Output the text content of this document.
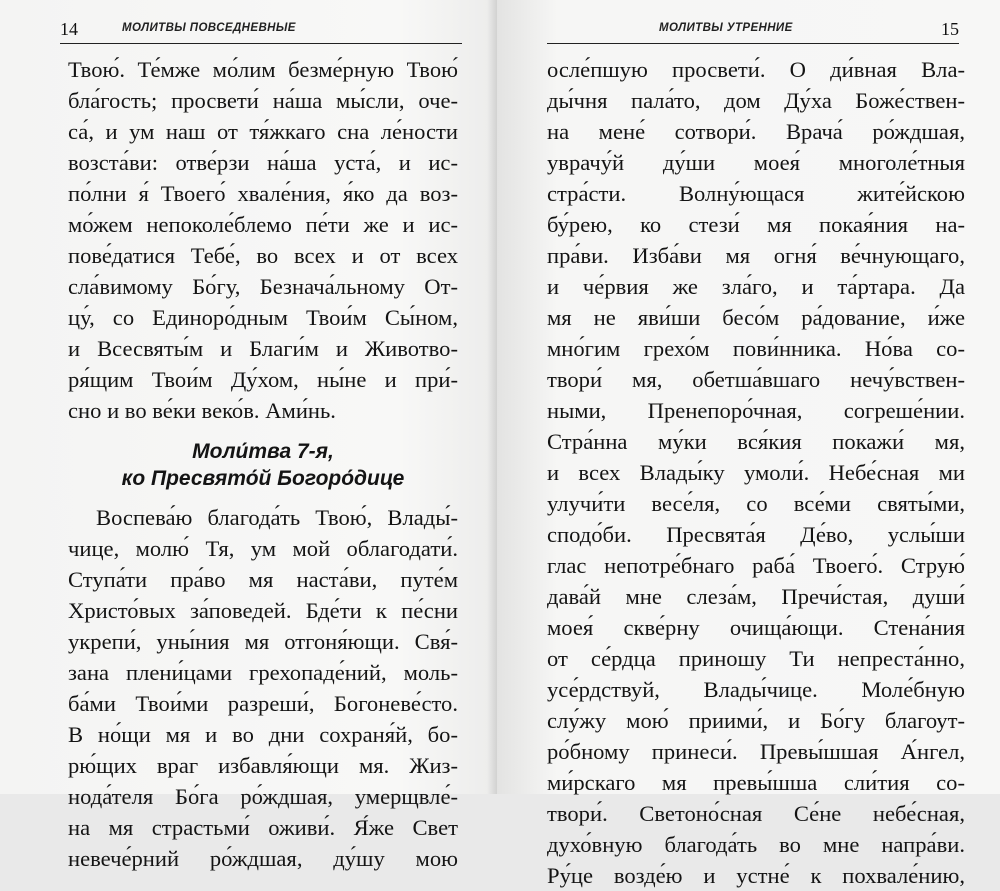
14	МОЛИТВЫ ПОВСЕДНЕВНЫЕ
Твою́. Те́мже мо́лим безме́рную Твою́
бла́гость; просвети́ на́ша мы́сли, оче-
са́, и ум наш от тя́жкаго сна ле́ности
возста́ви: отве́рзи на́ша уста́, и ис-
по́лни я́ Твоего́ хвале́ния, я́ко да воз-
мо́жем непоколе́блемо пе́ти же и ис-
пове́датися Тебе́, во всех и от всех
сла́вимому Бо́гу, Безнача́льному От-
цу́, со Единоро́дным Твои́м Сы́ном,
и Всесвяты́м и Благи́м и Животво-
ря́щим Твои́м Ду́хом, ны́не и при́-
сно и во ве́ки веко́в. Ами́нь.
Моли́тва 7-я,
ко Пресвято́й Богоро́дице
Воспева́ю благода́ть Твою́, Влады́-
чице, молю́ Тя, ум мой облагодати́.
Ступа́ти пра́во мя наста́ви, путе́м
Христо́вых за́поведей. Бде́ти к пе́сни
укрепи́, уны́ния мя отгоня́ющи. Свя́-
зана плени́цами грехопаде́ний, моль-
ба́ми Твои́ми разреши́, Богоневе́сто.
В но́щи мя и во дни сохраня́й, бо-
рю́щих враг избавля́ющи мя. Жиз-
нода́теля Бо́га ро́ждшая, умерщвле́-
на мя страстьми́ оживи́. Я́же Свет
невече́рний ро́ждшая, ду́шу мою
МОЛИТВЫ УТРЕННИЕ	15
осле́пшую просвети́. О ди́вная Вла-
ды́чня пала́то, дом Ду́ха Боже́ствен-
на мене́ сотвори́. Врача́ ро́ждшая,
уврачу́й ду́ши моея́ многоле́тныя
стра́сти. Волну́ющася жите́йскою
бу́рею, ко стези́ мя покая́ния на-
пра́ви. Изба́ви мя огня́ ве́чнующаго,
и че́рвия же зла́го, и та́ртара. Да
мя не яви́ши бесо́м ра́дование, и́же
мно́гим грехо́м пови́нника. Но́ва со-
твори́ мя, обетша́вшаго нечу́вствен-
ными, Пренепоро́чная, согреше́нии.
Стра́нна му́ки вся́кия покажи́ мя,
и всех Влады́ку умоли́. Небе́сная ми
улучи́ти весе́ля, со все́ми святы́ми,
сподо́би. Пресвята́я Де́во, услы́ши
глас непотре́бнаго раба́ Твоего́. Струю́
дава́й мне слеза́м, Пречи́стая, души́
моея́ скве́рну очища́ющи. Стена́ния
от се́рдца приношу Ти непреста́нно,
усе́рдствуй, Влады́чице. Моле́бную
слу́жу мою́ приими́, и Бо́гу благоут-
ро́бному принеси́. Превы́шшая А́нгел,
ми́рскаго мя превы́шша сли́тия со-
твори́. Светоно́сная Се́не небе́сная,
духо́вную благода́ть во мне напра́ви.
Ру́це возде́ю и устне́ к похвале́нию,
